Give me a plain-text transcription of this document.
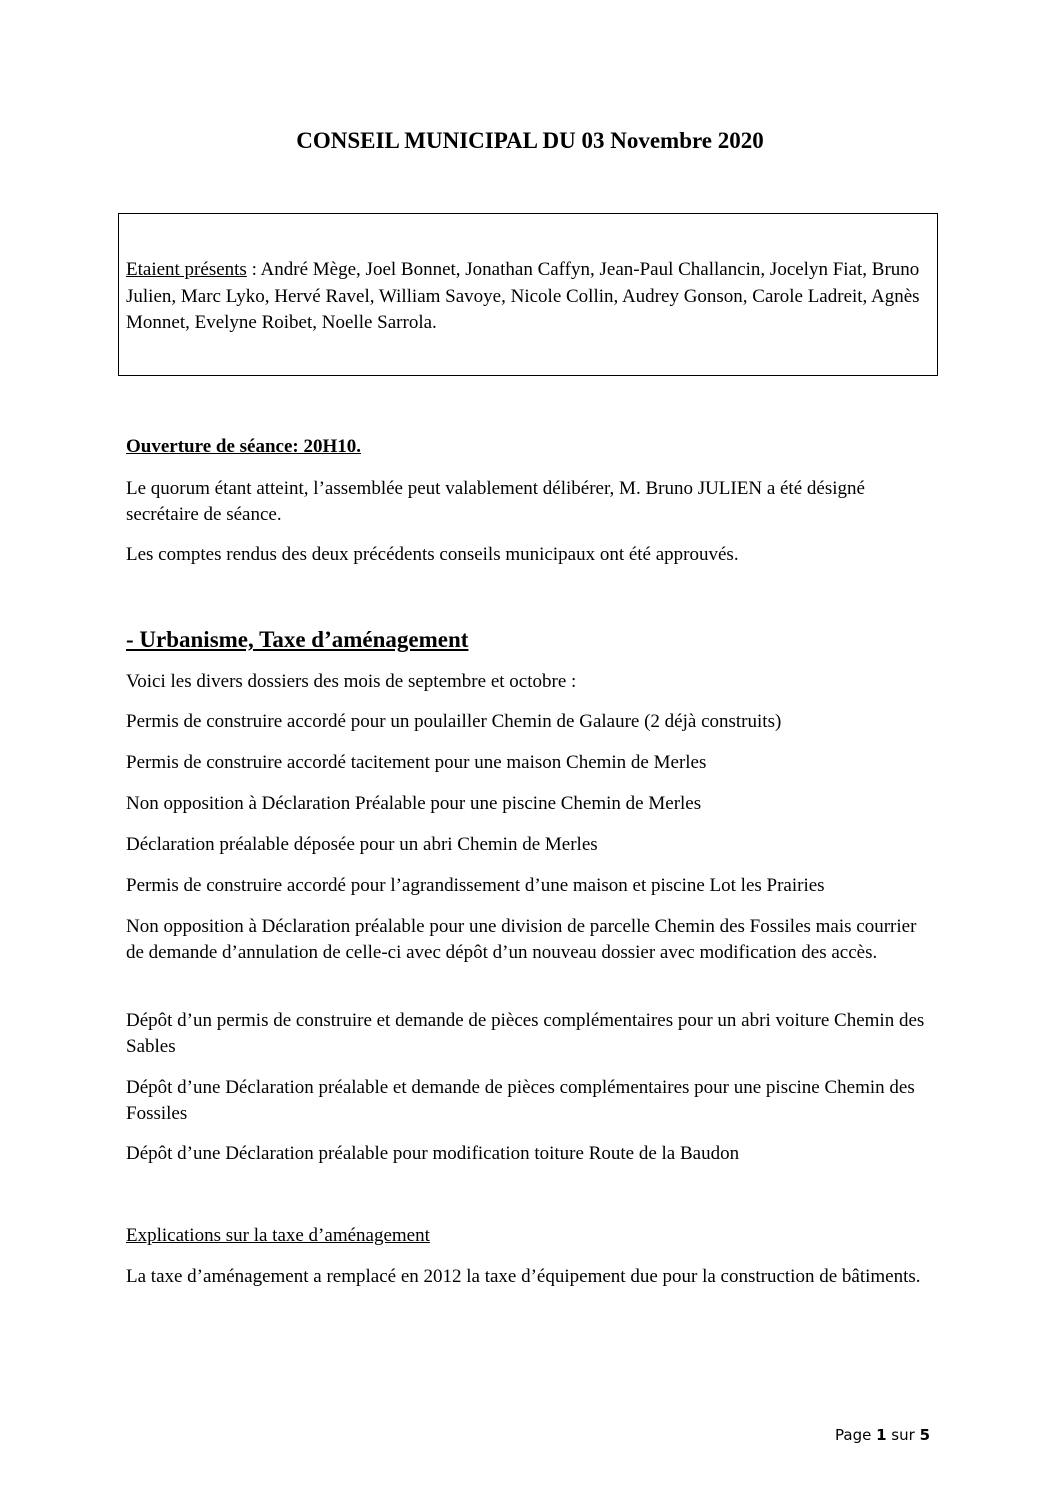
CONSEIL MUNICIPAL DU 03 Novembre 2020
Etaient présents : André Mège, Joel Bonnet, Jonathan Caffyn, Jean-Paul Challancin, Jocelyn Fiat, Bruno Julien, Marc Lyko, Hervé Ravel, William Savoye, Nicole Collin, Audrey Gonson, Carole Ladreit, Agnès Monnet, Evelyne Roibet, Noelle Sarrola.

Ouverture de séance: 20H10.

Le quorum étant atteint, l’assemblée peut valablement délibérer, M. Bruno JULIEN a été désigné secrétaire de séance.

Les comptes rendus des deux précédents conseils municipaux ont été approuvés.

- Urbanisme, Taxe d’aménagement

Voici les divers dossiers des mois de septembre et octobre :

Permis de construire accordé pour un poulailler Chemin de Galaure (2 déjà construits)

Permis de construire accordé tacitement pour une maison Chemin de Merles

Non opposition à Déclaration Préalable pour une piscine Chemin de Merles

Déclaration préalable déposée pour un abri Chemin de Merles

Permis de construire accordé pour l’agrandissement d’une maison et piscine Lot les Prairies

Non opposition à Déclaration préalable pour une division de parcelle Chemin des Fossiles mais courrier de demande d’annulation de celle-ci avec dépôt d’un nouveau dossier avec modification des accès.

Dépôt d’un permis de construire et demande de pièces complémentaires pour un abri voiture Chemin des Sables

Dépôt d’une Déclaration préalable et demande de pièces complémentaires pour une piscine Chemin des Fossiles

Dépôt d’une Déclaration préalable pour modification toiture Route de la Baudon

Explications sur la taxe d’aménagement

La taxe d’aménagement a remplacé en 2012 la taxe d’équipement due pour la construction de bâtiments.

Page 1 sur 5
